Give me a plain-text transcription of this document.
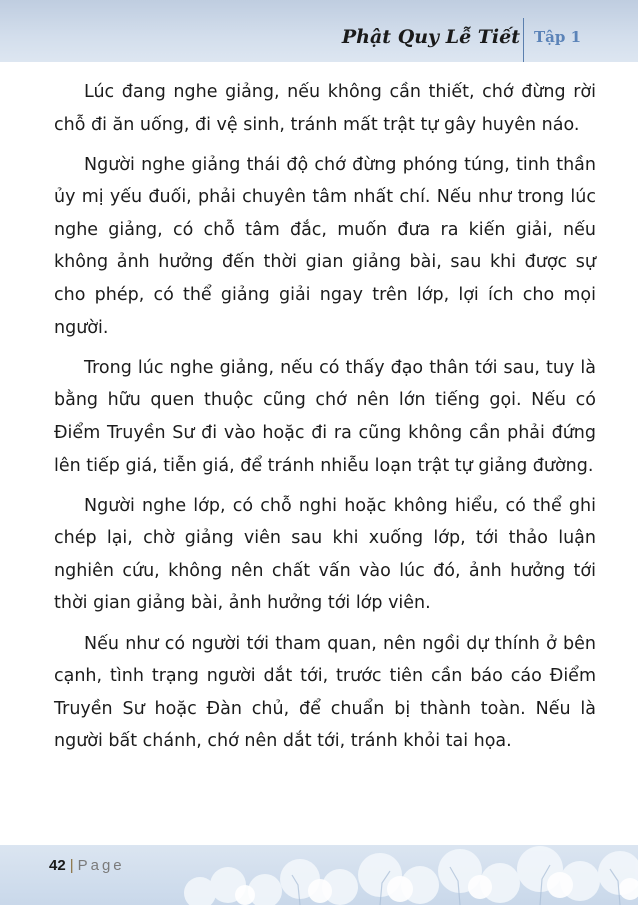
Phật Quy Lễ Tiết Tập 1

Lúc đang nghe giảng, nếu không cần thiết, chớ đừng rời chỗ đi ăn uống, đi vệ sinh, tránh mất trật tự gây huyên náo.

Người nghe giảng thái độ chớ đừng phóng túng, tinh thần ủy mị yếu đuối, phải chuyên tâm nhất chí. Nếu như trong lúc nghe giảng, có chỗ tâm đắc, muốn đưa ra kiến giải, nếu không ảnh hưởng đến thời gian giảng bài, sau khi được sự cho phép, có thể giảng giải ngay trên lớp, lợi ích cho mọi người.

Trong lúc nghe giảng, nếu có thấy đạo thân tới sau, tuy là bằng hữu quen thuộc cũng chớ nên lớn tiếng gọi. Nếu có Điểm Truyền Sư đi vào hoặc đi ra cũng không cần phải đứng lên tiếp giá, tiễn giá, để tránh nhiễu loạn trật tự giảng đường.

Người nghe lớp, có chỗ nghi hoặc không hiểu, có thể ghi chép lại, chờ giảng viên sau khi xuống lớp, tới thảo luận nghiên cứu, không nên chất vấn vào lúc đó, ảnh hưởng tới thời gian giảng bài, ảnh hưởng tới lớp viên.

Nếu như có người tới tham quan, nên ngồi dự thính ở bên cạnh, tình trạng người dắt tới, trước tiên cần báo cáo Điểm Truyền Sư hoặc Đàn chủ, để chuẩn bị thành toàn. Nếu là người bất chánh, chớ nên dắt tới, tránh khỏi tai họa.

42 | Page
